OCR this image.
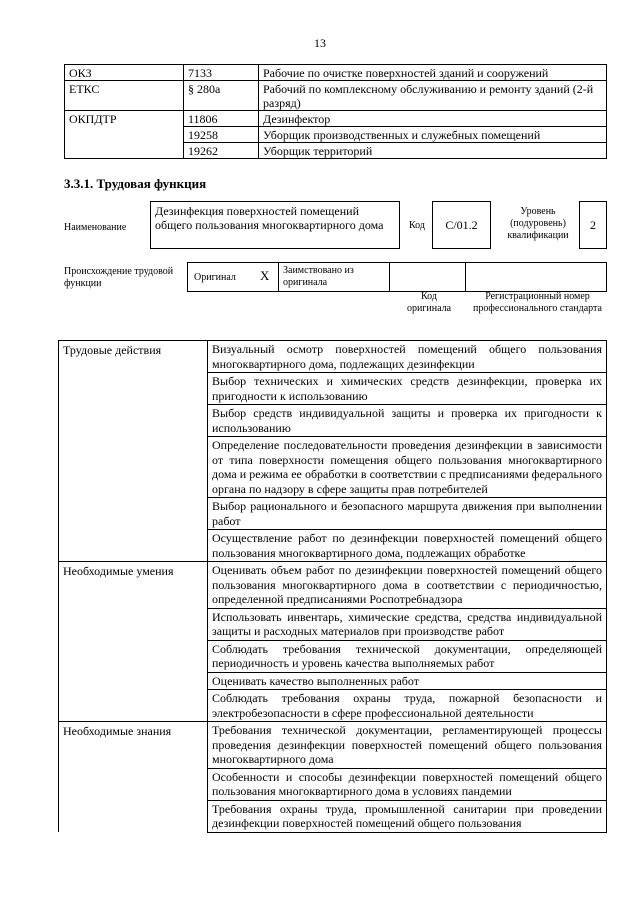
13
ОКЗ	7133	Рабочие по очистке поверхностей зданий и сооружений
ЕТКС	§ 280а	Рабочий по комплексному обслуживанию и ремонту зданий (2-й разряд)
ОКПДТР	11806	Дезинфектор
	19258	Уборщик производственных и служебных помещений
	19262	Уборщик территорий
3.3.1. Трудовая функция
Наименование
Дезинфекция поверхностей помещений общего пользования многоквартирного дома	Код	C/01.2
Уровень (подуровень) квалификации
2
Происхождение трудовой функции
Оригинал X Заимствовано из оригинала
Код оригинала
Регистрационный номер профессионального стандарта
Трудовые действия	Визуальный осмотр поверхностей помещений общего пользования многоквартирного дома, подлежащих дезинфекции
	Выбор технических и химических средств дезинфекции, проверка их пригодности к использованию
	Выбор средств индивидуальной защиты и проверка их пригодности к использованию
	Определение последовательности проведения дезинфекции в зависимости от типа поверхности помещения общего пользования многоквартирного дома и режима ее обработки в соответствии с предписаниями федерального органа по надзору в сфере защиты прав потребителей
	Выбор рационального и безопасного маршрута движения при выполнении работ
	Осуществление работ по дезинфекции поверхностей помещений общего пользования многоквартирного дома, подлежащих обработке
Необходимые умения	Оценивать объем работ по дезинфекции поверхностей помещений общего пользования многоквартирного дома в соответствии с периодичностью, определенной предписаниями Роспотребнадзора
	Использовать инвентарь, химические средства, средства индивидуальной защиты и расходных материалов при производстве работ
	Соблюдать требования технической документации, определяющей периодичность и уровень качества выполняемых работ
	Оценивать качество выполненных работ
	Соблюдать требования охраны труда, пожарной безопасности и электробезопасности в сфере профессиональной деятельности
Необходимые знания	Требования технической документации, регламентирующей процессы проведения дезинфекции поверхностей помещений общего пользования многоквартирного дома
	Особенности и способы дезинфекции поверхностей помещений общего пользования многоквартирного дома в условиях пандемии
	Требования охраны труда, промышленной санитарии при проведении дезинфекции поверхностей помещений общего пользования
